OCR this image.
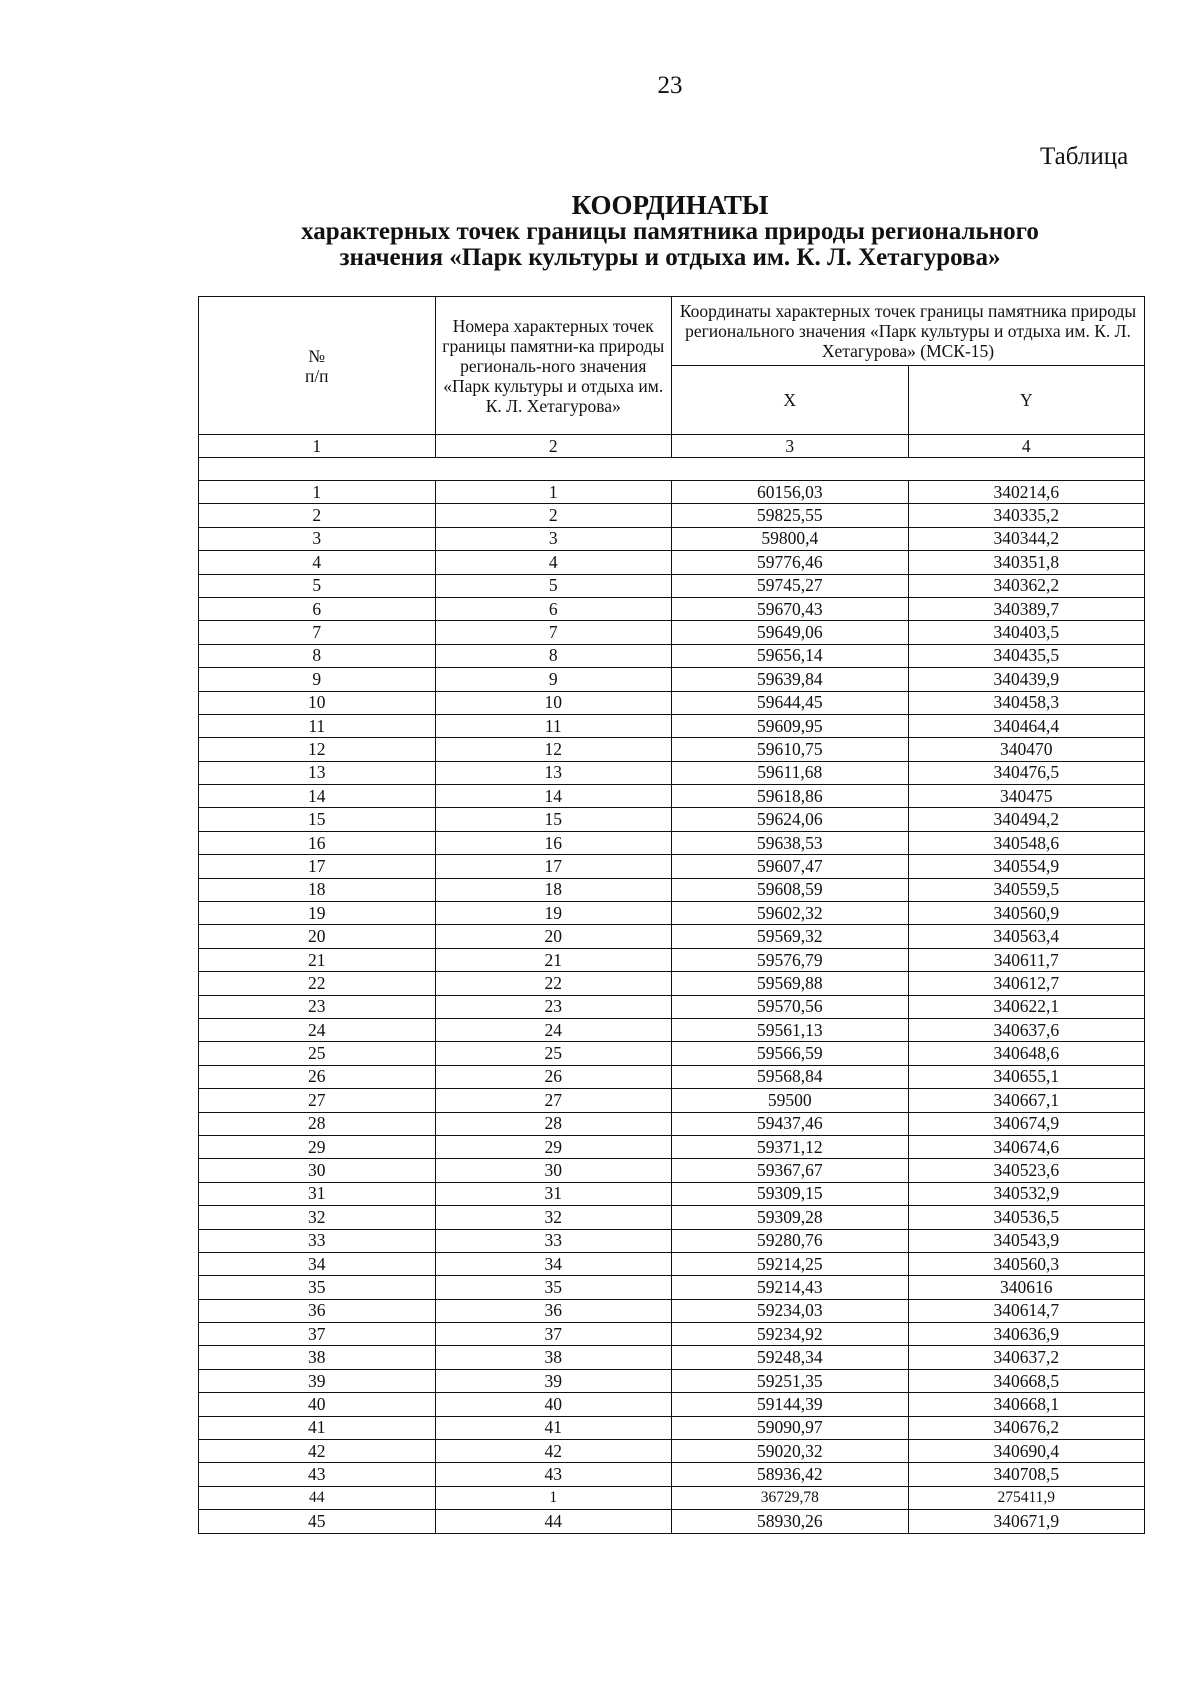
23
Таблица
КООРДИНАТЫ
характерных точек границы памятника природы регионального
значения «Парк культуры и отдыха им. К. Л. Хетагурова»
№
п/п	Номера характерных точек границы памятни-ка природы региональ-ного значения «Парк культуры и отдыха им. К. Л. Хетагурова»	Координаты характерных точек границы памятника природы регионального значения «Парк культуры и отдыха им. К. Л. Хетагурова» (МСК-15)	
		X	Y
1	2	3	4

1	1	60156,03	340214,6
2	2	59825,55	340335,2
3	3	59800,4	340344,2
4	4	59776,46	340351,8
5	5	59745,27	340362,2
6	6	59670,43	340389,7
7	7	59649,06	340403,5
8	8	59656,14	340435,5
9	9	59639,84	340439,9
10	10	59644,45	340458,3
11	11	59609,95	340464,4
12	12	59610,75	340470
13	13	59611,68	340476,5
14	14	59618,86	340475
15	15	59624,06	340494,2
16	16	59638,53	340548,6
17	17	59607,47	340554,9
18	18	59608,59	340559,5
19	19	59602,32	340560,9
20	20	59569,32	340563,4
21	21	59576,79	340611,7
22	22	59569,88	340612,7
23	23	59570,56	340622,1
24	24	59561,13	340637,6
25	25	59566,59	340648,6
26	26	59568,84	340655,1
27	27	59500	340667,1
28	28	59437,46	340674,9
29	29	59371,12	340674,6
30	30	59367,67	340523,6
31	31	59309,15	340532,9
32	32	59309,28	340536,5
33	33	59280,76	340543,9
34	34	59214,25	340560,3
35	35	59214,43	340616
36	36	59234,03	340614,7
37	37	59234,92	340636,9
38	38	59248,34	340637,2
39	39	59251,35	340668,5
40	40	59144,39	340668,1
41	41	59090,97	340676,2
42	42	59020,32	340690,4
43	43	58936,42	340708,5
44	1	36729,78	275411,9
45	44	58930,26	340671,9
